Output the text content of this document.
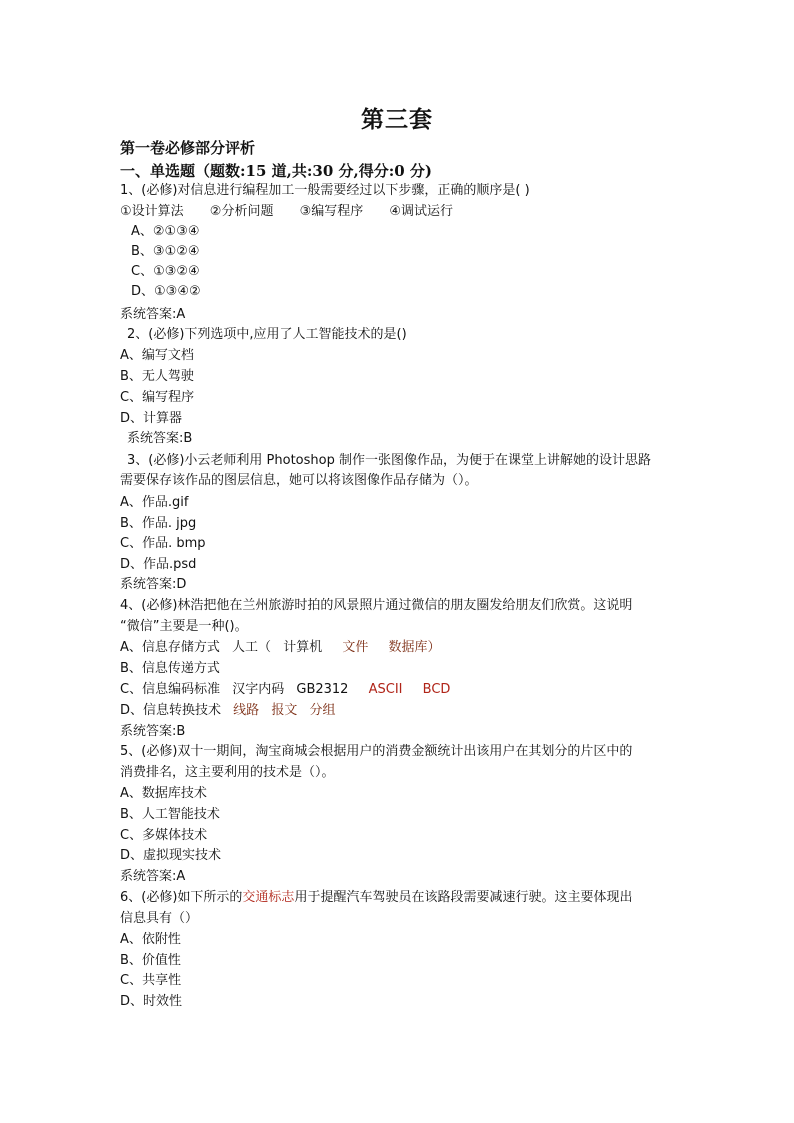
第三套
第一卷必修部分评析
一、单选题（题数:15 道,共:30 分,得分:0 分)
1、(必修)对信息进行编程加工一般需要经过以下步骤，正确的顺序是( )
①设计算法 ②分析问题 ③编写程序 ④调试运行
A、②①③④
B、③①②④
C、①③②④
D、①③④②
系统答案:A
2、(必修)下列选项中,应用了人工智能技术的是()
A、编写文档
B、无人驾驶
C、编写程序
D、计算器
系统答案:B
3、(必修)小云老师利用 Photoshop 制作一张图像作品，为便于在课堂上讲解她的设计思路
需要保存该作品的图层信息，她可以将该图像作品存储为（）。
A、作品.gif
B、作品. jpg
C、作品. bmp
D、作品.psd
系统答案:D
4、(必修)林浩把他在兰州旅游时拍的风景照片通过微信的朋友圈发给朋友们欣赏。这说明
“微信”主要是一种()。
A、信息存储方式 人工（ 计算机 文件 数据库）
B、信息传递方式
C、信息编码标准 汉字内码 GB2312 ASCII BCD
D、信息转换技术 线路 报文 分组
系统答案:B
5、(必修)双十一期间，淘宝商城会根据用户的消费金额统计出该用户在其划分的片区中的
消费排名，这主要利用的技术是（）。
A、数据库技术
B、人工智能技术
C、多媒体技术
D、虚拟现实技术
系统答案:A
6、(必修)如下所示的交通标志用于提醒汽车驾驶员在该路段需要减速行驶。这主要体现出
信息具有（）
A、依附性
B、价值性
C、共享性
D、时效性
